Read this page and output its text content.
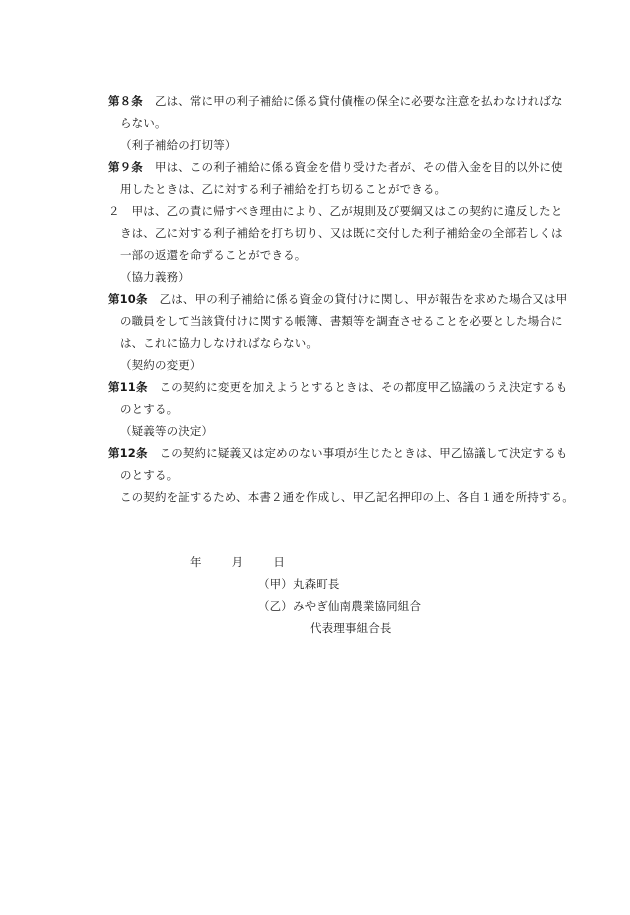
第８条 乙は、常に甲の利子補給に係る貸付債権の保全に必要な注意を払わなければな
らない。
（利子補給の打切等）
第９条 甲は、この利子補給に係る資金を借り受けた者が、その借入金を目的以外に使
用したときは、乙に対する利子補給を打ち切ることができる。
２ 甲は、乙の責に帰すべき理由により、乙が規則及び要綱又はこの契約に違反したと
きは、乙に対する利子補給を打ち切り、又は既に交付した利子補給金の全部若しくは
一部の返還を命ずることができる。
（協力義務）
第10条 乙は、甲の利子補給に係る資金の貸付けに関し、甲が報告を求めた場合又は甲
の職員をして当該貸付けに関する帳簿、書類等を調査させることを必要とした場合に
は、これに協力しなければならない。
（契約の変更）
第11条 この契約に変更を加えようとするときは、その都度甲乙協議のうえ決定するも
のとする。
（疑義等の決定）
第12条 この契約に疑義又は定めのない事項が生じたときは、甲乙協議して決定するも
のとする。
この契約を証するため、本書２通を作成し、甲乙記名押印の上、各自１通を所持する。
年	月	日
（甲）丸森町長
（乙）みやぎ仙南農業協同組合
代表理事組合長
